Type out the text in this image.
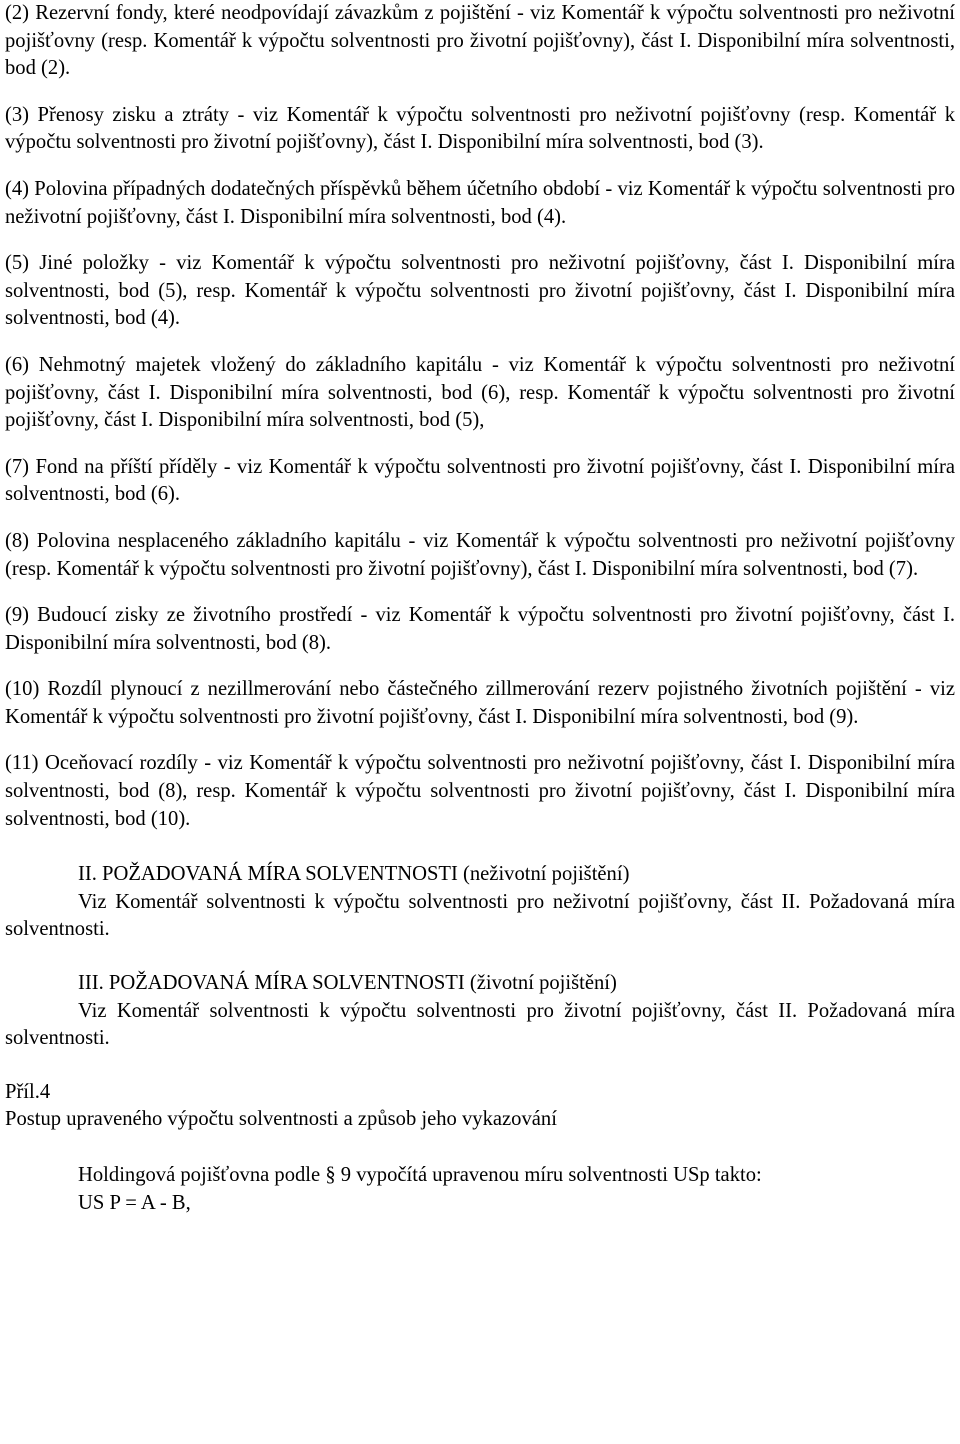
(2) Rezervní fondy, které neodpovídají závazkům z pojištění - viz Komentář k výpočtu solventnosti pro neživotní pojišťovny (resp. Komentář k výpočtu solventnosti pro životní pojišťovny), část I. Disponibilní míra solventnosti, bod (2).
(3) Přenosy zisku a ztráty - viz Komentář k výpočtu solventnosti pro neživotní pojišťovny (resp. Komentář k výpočtu solventnosti pro životní pojišťovny), část I. Disponibilní míra solventnosti, bod (3).
(4) Polovina případných dodatečných příspěvků během účetního období - viz Komentář k výpočtu solventnosti pro neživotní pojišťovny, část I. Disponibilní míra solventnosti, bod (4).
(5) Jiné položky - viz Komentář k výpočtu solventnosti pro neživotní pojišťovny, část I. Disponibilní míra solventnosti, bod (5), resp. Komentář k výpočtu solventnosti pro životní pojišťovny, část I. Disponibilní míra solventnosti, bod (4).
(6) Nehmotný majetek vložený do základního kapitálu - viz Komentář k výpočtu solventnosti pro neživotní pojišťovny, část I. Disponibilní míra solventnosti, bod (6), resp. Komentář k výpočtu solventnosti pro životní pojišťovny, část I. Disponibilní míra solventnosti, bod (5),
(7) Fond na příští příděly - viz Komentář k výpočtu solventnosti pro životní pojišťovny, část I. Disponibilní míra solventnosti, bod (6).
(8) Polovina nesplaceného základního kapitálu - viz Komentář k výpočtu solventnosti pro neživotní pojišťovny (resp. Komentář k výpočtu solventnosti pro životní pojišťovny), část I. Disponibilní míra solventnosti, bod (7).
(9) Budoucí zisky ze životního prostředí - viz Komentář k výpočtu solventnosti pro životní pojišťovny, část I. Disponibilní míra solventnosti, bod (8).
(10) Rozdíl plynoucí z nezillmerování nebo částečného zillmerování rezerv pojistného životních pojištění - viz Komentář k výpočtu solventnosti pro životní pojišťovny, část I. Disponibilní míra solventnosti, bod (9).
(11) Oceňovací rozdíly - viz Komentář k výpočtu solventnosti pro neživotní pojišťovny, část I. Disponibilní míra solventnosti, bod (8), resp. Komentář k výpočtu solventnosti pro životní pojišťovny, část I. Disponibilní míra solventnosti, bod (10).
II. POŽADOVANÁ MÍRA SOLVENTNOSTI (neživotní pojištění)
Viz Komentář solventnosti k výpočtu solventnosti pro neživotní pojišťovny, část II. Požadovaná míra solventnosti.
III. POŽADOVANÁ MÍRA SOLVENTNOSTI (životní pojištění)
Viz Komentář solventnosti k výpočtu solventnosti pro životní pojišťovny, část II. Požadovaná míra solventnosti.
Příl.4
Postup upraveného výpočtu solventnosti a způsob jeho vykazování
Holdingová pojišťovna podle § 9 vypočítá upravenou míru solventnosti USp takto:
US P = A - B,
